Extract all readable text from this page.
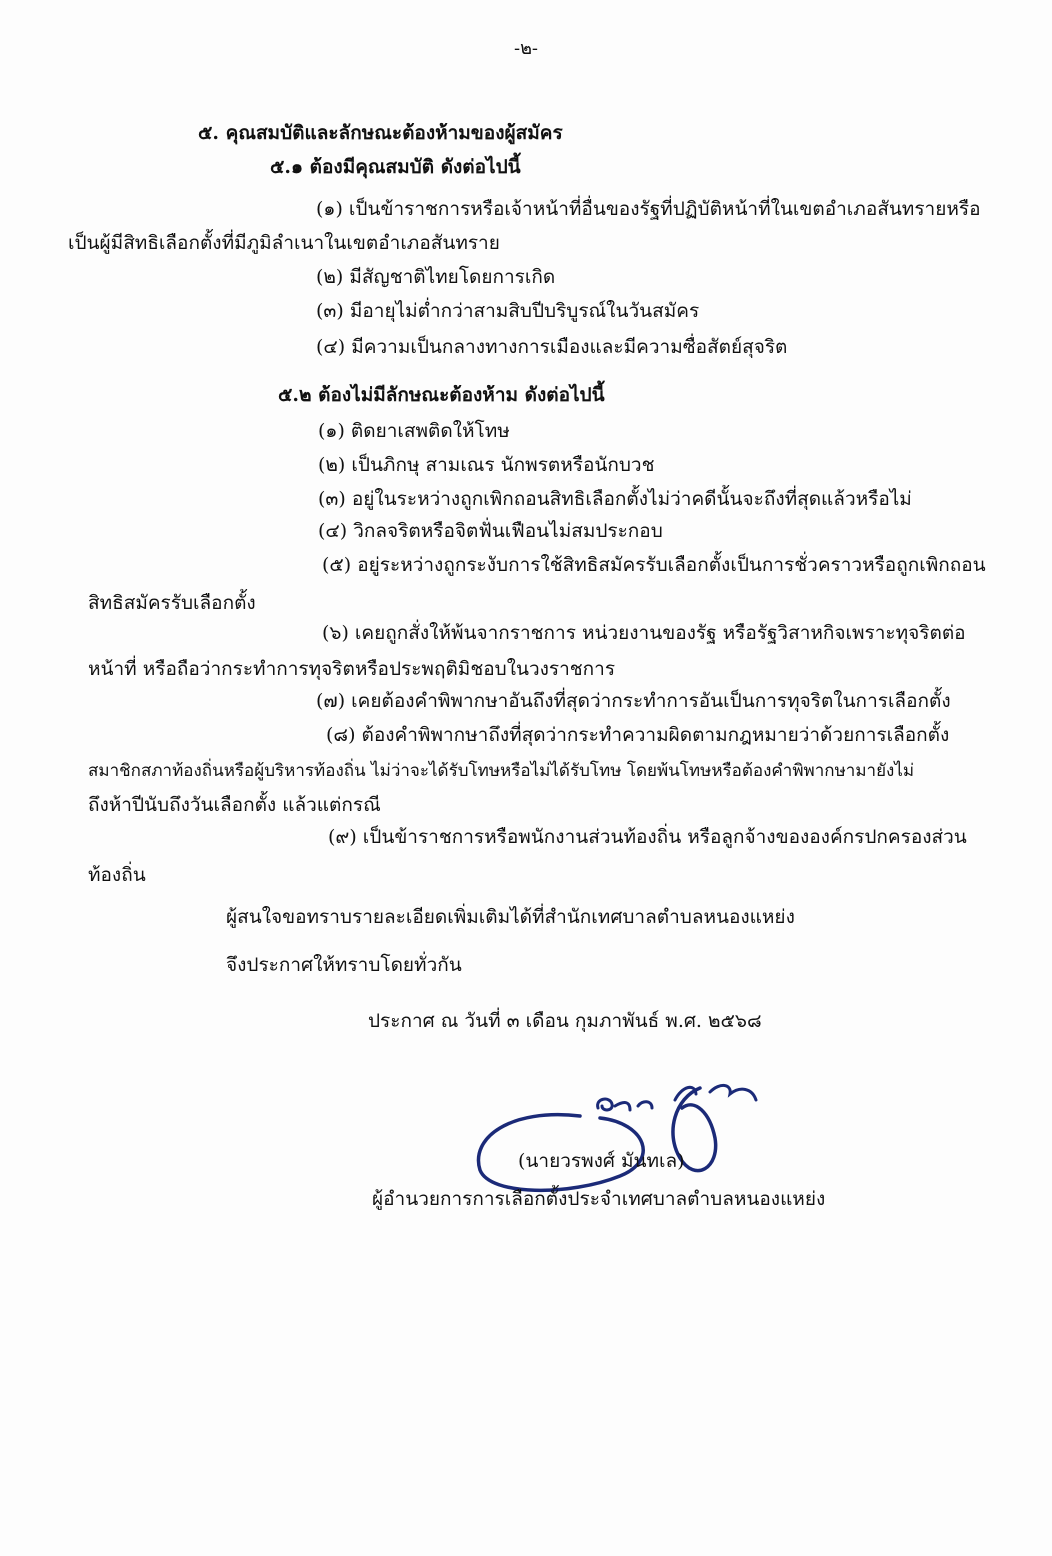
-๒-
๕. คุณสมบัติและลักษณะต้องห้ามของผู้สมัคร
๕.๑ ต้องมีคุณสมบัติ ดังต่อไปนี้
(๑) เป็นข้าราชการหรือเจ้าหน้าที่อื่นของรัฐที่ปฏิบัติหน้าที่ในเขตอำเภอสันทรายหรือ
เป็นผู้มีสิทธิเลือกตั้งที่มีภูมิลำเนาในเขตอำเภอสันทราย
(๒) มีสัญชาติไทยโดยการเกิด
(๓) มีอายุไม่ต่ำกว่าสามสิบปีบริบูรณ์ในวันสมัคร
(๔) มีความเป็นกลางทางการเมืองและมีความซื่อสัตย์สุจริต
๕.๒ ต้องไม่มีลักษณะต้องห้าม ดังต่อไปนี้
(๑) ติดยาเสพติดให้โทษ
(๒) เป็นภิกษุ สามเณร นักพรตหรือนักบวช
(๓) อยู่ในระหว่างถูกเพิกถอนสิทธิเลือกตั้งไม่ว่าคดีนั้นจะถึงที่สุดแล้วหรือไม่
(๔) วิกลจริตหรือจิตฟั่นเฟือนไม่สมประกอบ
(๕) อยู่ระหว่างถูกระงับการใช้สิทธิสมัครรับเลือกตั้งเป็นการชั่วคราวหรือถูกเพิกถอน
สิทธิสมัครรับเลือกตั้ง
(๖) เคยถูกสั่งให้พ้นจากราชการ หน่วยงานของรัฐ หรือรัฐวิสาหกิจเพราะทุจริตต่อ
หน้าที่ หรือถือว่ากระทำการทุจริตหรือประพฤติมิชอบในวงราชการ
(๗) เคยต้องคำพิพากษาอันถึงที่สุดว่ากระทำการอันเป็นการทุจริตในการเลือกตั้ง
(๘) ต้องคำพิพากษาถึงที่สุดว่ากระทำความผิดตามกฎหมายว่าด้วยการเลือกตั้ง
สมาชิกสภาท้องถิ่นหรือผู้บริหารท้องถิ่น ไม่ว่าจะได้รับโทษหรือไม่ได้รับโทษ โดยพ้นโทษหรือต้องคำพิพากษามายังไม่
ถึงห้าปีนับถึงวันเลือกตั้ง แล้วแต่กรณี
(๙) เป็นข้าราชการหรือพนักงานส่วนท้องถิ่น หรือลูกจ้างขององค์กรปกครองส่วน
ท้องถิ่น
ผู้สนใจขอทราบรายละเอียดเพิ่มเติมได้ที่สำนักเทศบาลตำบลหนองแหย่ง
จึงประกาศให้ทราบโดยทั่วกัน
ประกาศ ณ วันที่ ๓ เดือน กุมภาพันธ์ พ.ศ. ๒๕๖๘
(นายวรพงศ์ มันทเล)
ผู้อำนวยการการเลือกตั้งประจำเทศบาลตำบลหนองแหย่ง
